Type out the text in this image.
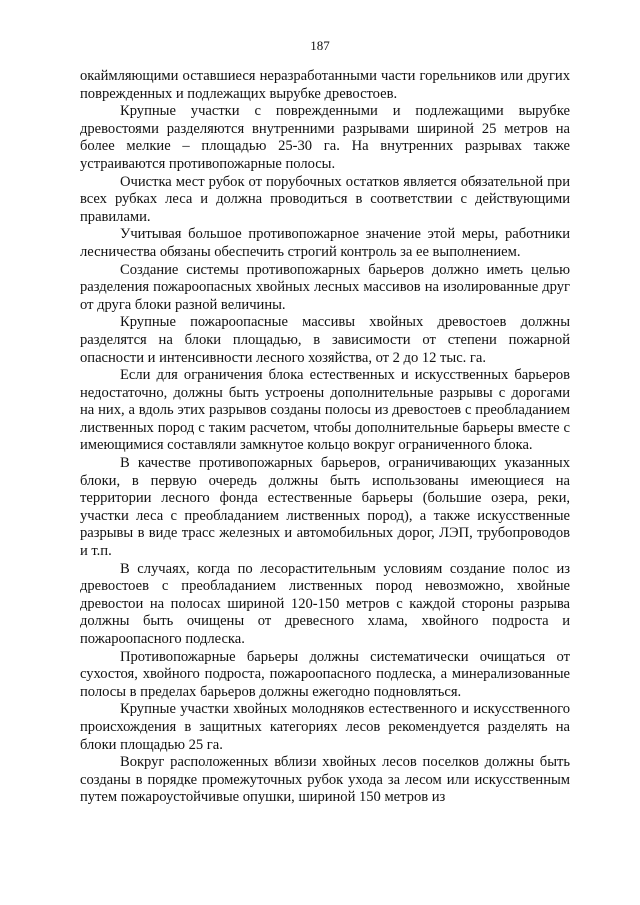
187

окаймляющими оставшиеся неразработанными части горельников или других поврежденных и подлежащих вырубке древостоев.

Крупные участки с поврежденными и подлежащими вырубке древостоями разделяются внутренними разрывами шириной 25 метров на более мелкие – площадью 25-30 га. На внутренних разрывах также устраиваются противопожарные полосы.

Очистка мест рубок от порубочных остатков является обязательной при всех рубках леса и должна проводиться в соответствии с действующими правилами.

Учитывая большое противопожарное значение этой меры, работники лесничества обязаны обеспечить строгий контроль за ее выполнением.

Создание системы противопожарных барьеров должно иметь целью разделения пожароопасных хвойных лесных массивов на изолированные друг от друга блоки разной величины.

Крупные пожароопасные массивы хвойных древостоев должны разделятся на блоки площадью, в зависимости от степени пожарной опасности и интенсивности лесного хозяйства, от 2 до 12 тыс. га.

Если для ограничения блока естественных и искусственных барьеров недостаточно, должны быть устроены дополнительные разрывы с дорогами на них, а вдоль этих разрывов созданы полосы из древостоев с преобладанием лиственных пород с таким расчетом, чтобы дополнительные барьеры вместе с имеющимися составляли замкнутое кольцо вокруг ограниченного блока.

В качестве противопожарных барьеров, ограничивающих указанных блоки, в первую очередь должны быть использованы имеющиеся на территории лесного фонда естественные барьеры (большие озера, реки, участки леса с преобладанием лиственных пород), а также искусственные разрывы в виде трасс железных и автомобильных дорог, ЛЭП, трубопроводов и т.п.

В случаях, когда по лесорастительным условиям создание полос из древостоев с преобладанием лиственных пород невозможно, хвойные древостои на полосах шириной 120-150 метров с каждой стороны разрыва должны быть очищены от древесного хлама, хвойного подроста и пожароопасного подлеска.

Противопожарные барьеры должны систематически очищаться от сухостоя, хвойного подроста, пожароопасного подлеска, а минерализованные полосы в пределах барьеров должны ежегодно подновляться.

Крупные участки хвойных молодняков естественного и искусственного происхождения в защитных категориях лесов рекомендуется разделять на блоки площадью 25 га.

Вокруг расположенных вблизи хвойных лесов поселков должны быть созданы в порядке промежуточных рубок ухода за лесом или искусственным путем пожароустойчивые опушки, шириной 150 метров из
